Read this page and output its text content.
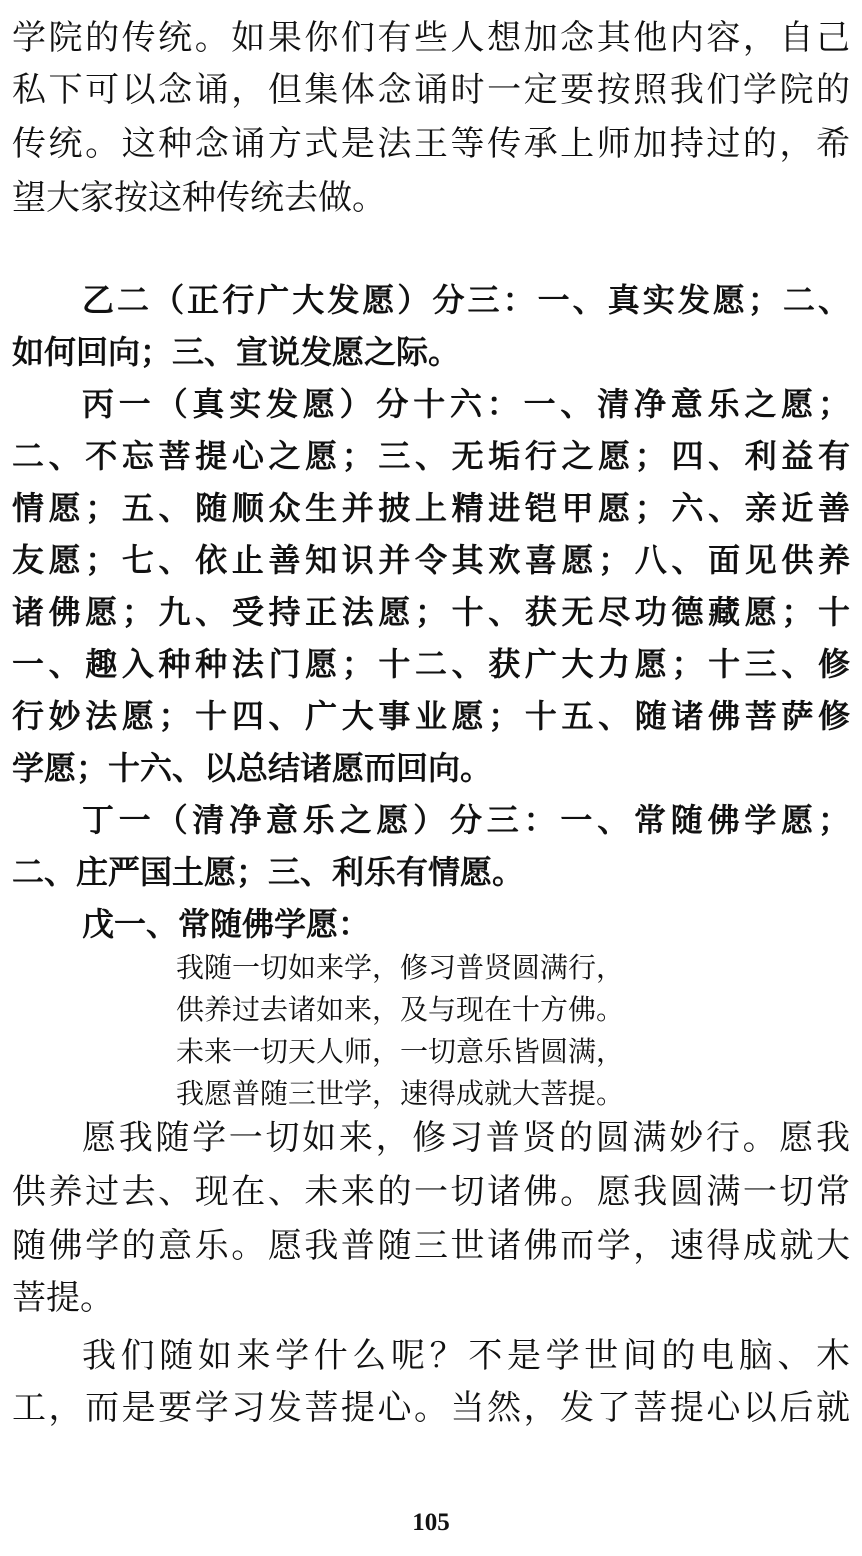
学院的传统。如果你们有些人想加念其他内容，自己
私下可以念诵，但集体念诵时一定要按照我们学院的
传统。这种念诵方式是法王等传承上师加持过的，希
望大家按这种传统去做。
乙二（正行广大发愿）分三：一、真实发愿；二、
如何回向；三、宣说发愿之际。
丙一（真实发愿）分十六：一、清净意乐之愿；
二、不忘菩提心之愿；三、无垢行之愿；四、利益有
情愿；五、随顺众生并披上精进铠甲愿；六、亲近善
友愿；七、依止善知识并令其欢喜愿；八、面见供养
诸佛愿；九、受持正法愿；十、获无尽功德藏愿；十
一、趣入种种法门愿；十二、获广大力愿；十三、修
行妙法愿；十四、广大事业愿；十五、随诸佛菩萨修
学愿；十六、以总结诸愿而回向。
丁一（清净意乐之愿）分三：一、常随佛学愿；
二、庄严国土愿；三、利乐有情愿。
戊一、常随佛学愿：
我随一切如来学，修习普贤圆满行，
供养过去诸如来，及与现在十方佛。
未来一切天人师，一切意乐皆圆满，
我愿普随三世学，速得成就大菩提。
愿我随学一切如来，修习普贤的圆满妙行。愿我
供养过去、现在、未来的一切诸佛。愿我圆满一切常
随佛学的意乐。愿我普随三世诸佛而学，速得成就大
菩提。
我们随如来学什么呢？不是学世间的电脑、木
工，而是要学习发菩提心。当然，发了菩提心以后就
105
